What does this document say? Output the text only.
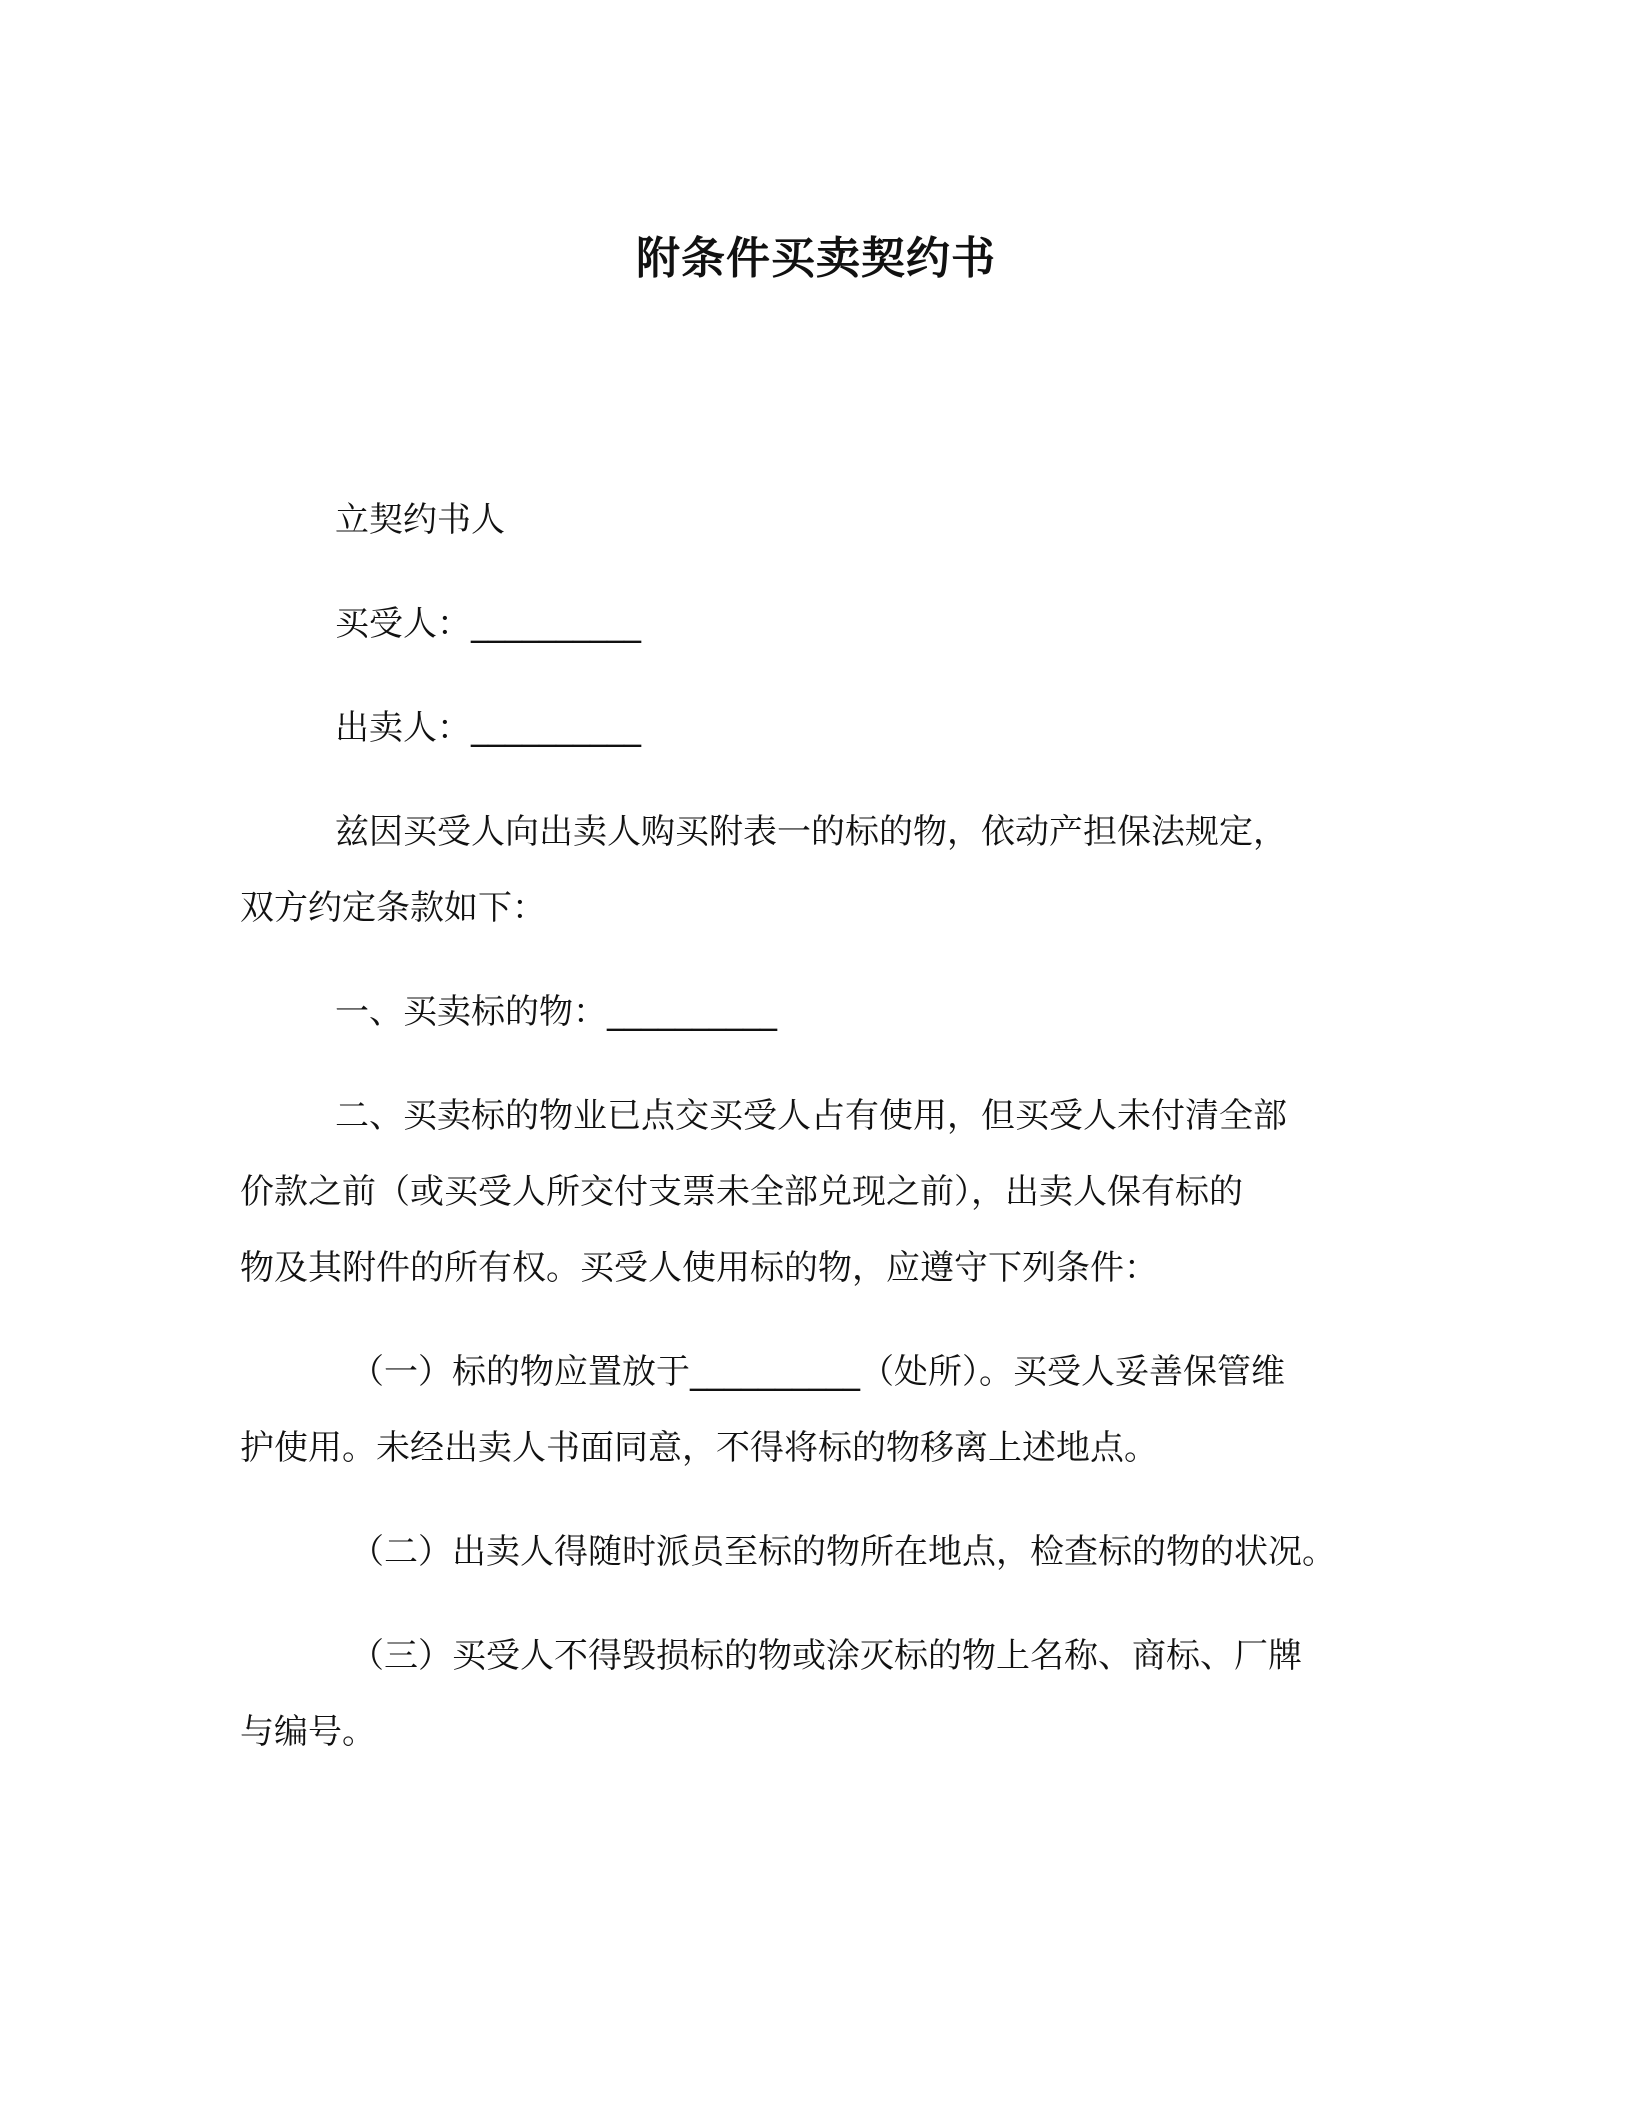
附条件买卖契约书

立契约书人

买受人：__________

出卖人：__________

兹因买受人向出卖人购买附表一的标的物，依动产担保法规定，

双方约定条款如下：

一、买卖标的物：__________

二、买卖标的物业已点交买受人占有使用，但买受人未付清全部

价款之前（或买受人所交付支票未全部兑现之前），出卖人保有标的

物及其附件的所有权。买受人使用标的物，应遵守下列条件：

（一）标的物应置放于__________（处所）。买受人妥善保管维

护使用。未经出卖人书面同意，不得将标的物移离上述地点。

（二）出卖人得随时派员至标的物所在地点，检查标的物的状况。

（三）买受人不得毁损标的物或涂灭标的物上名称、商标、厂牌

与编号。
